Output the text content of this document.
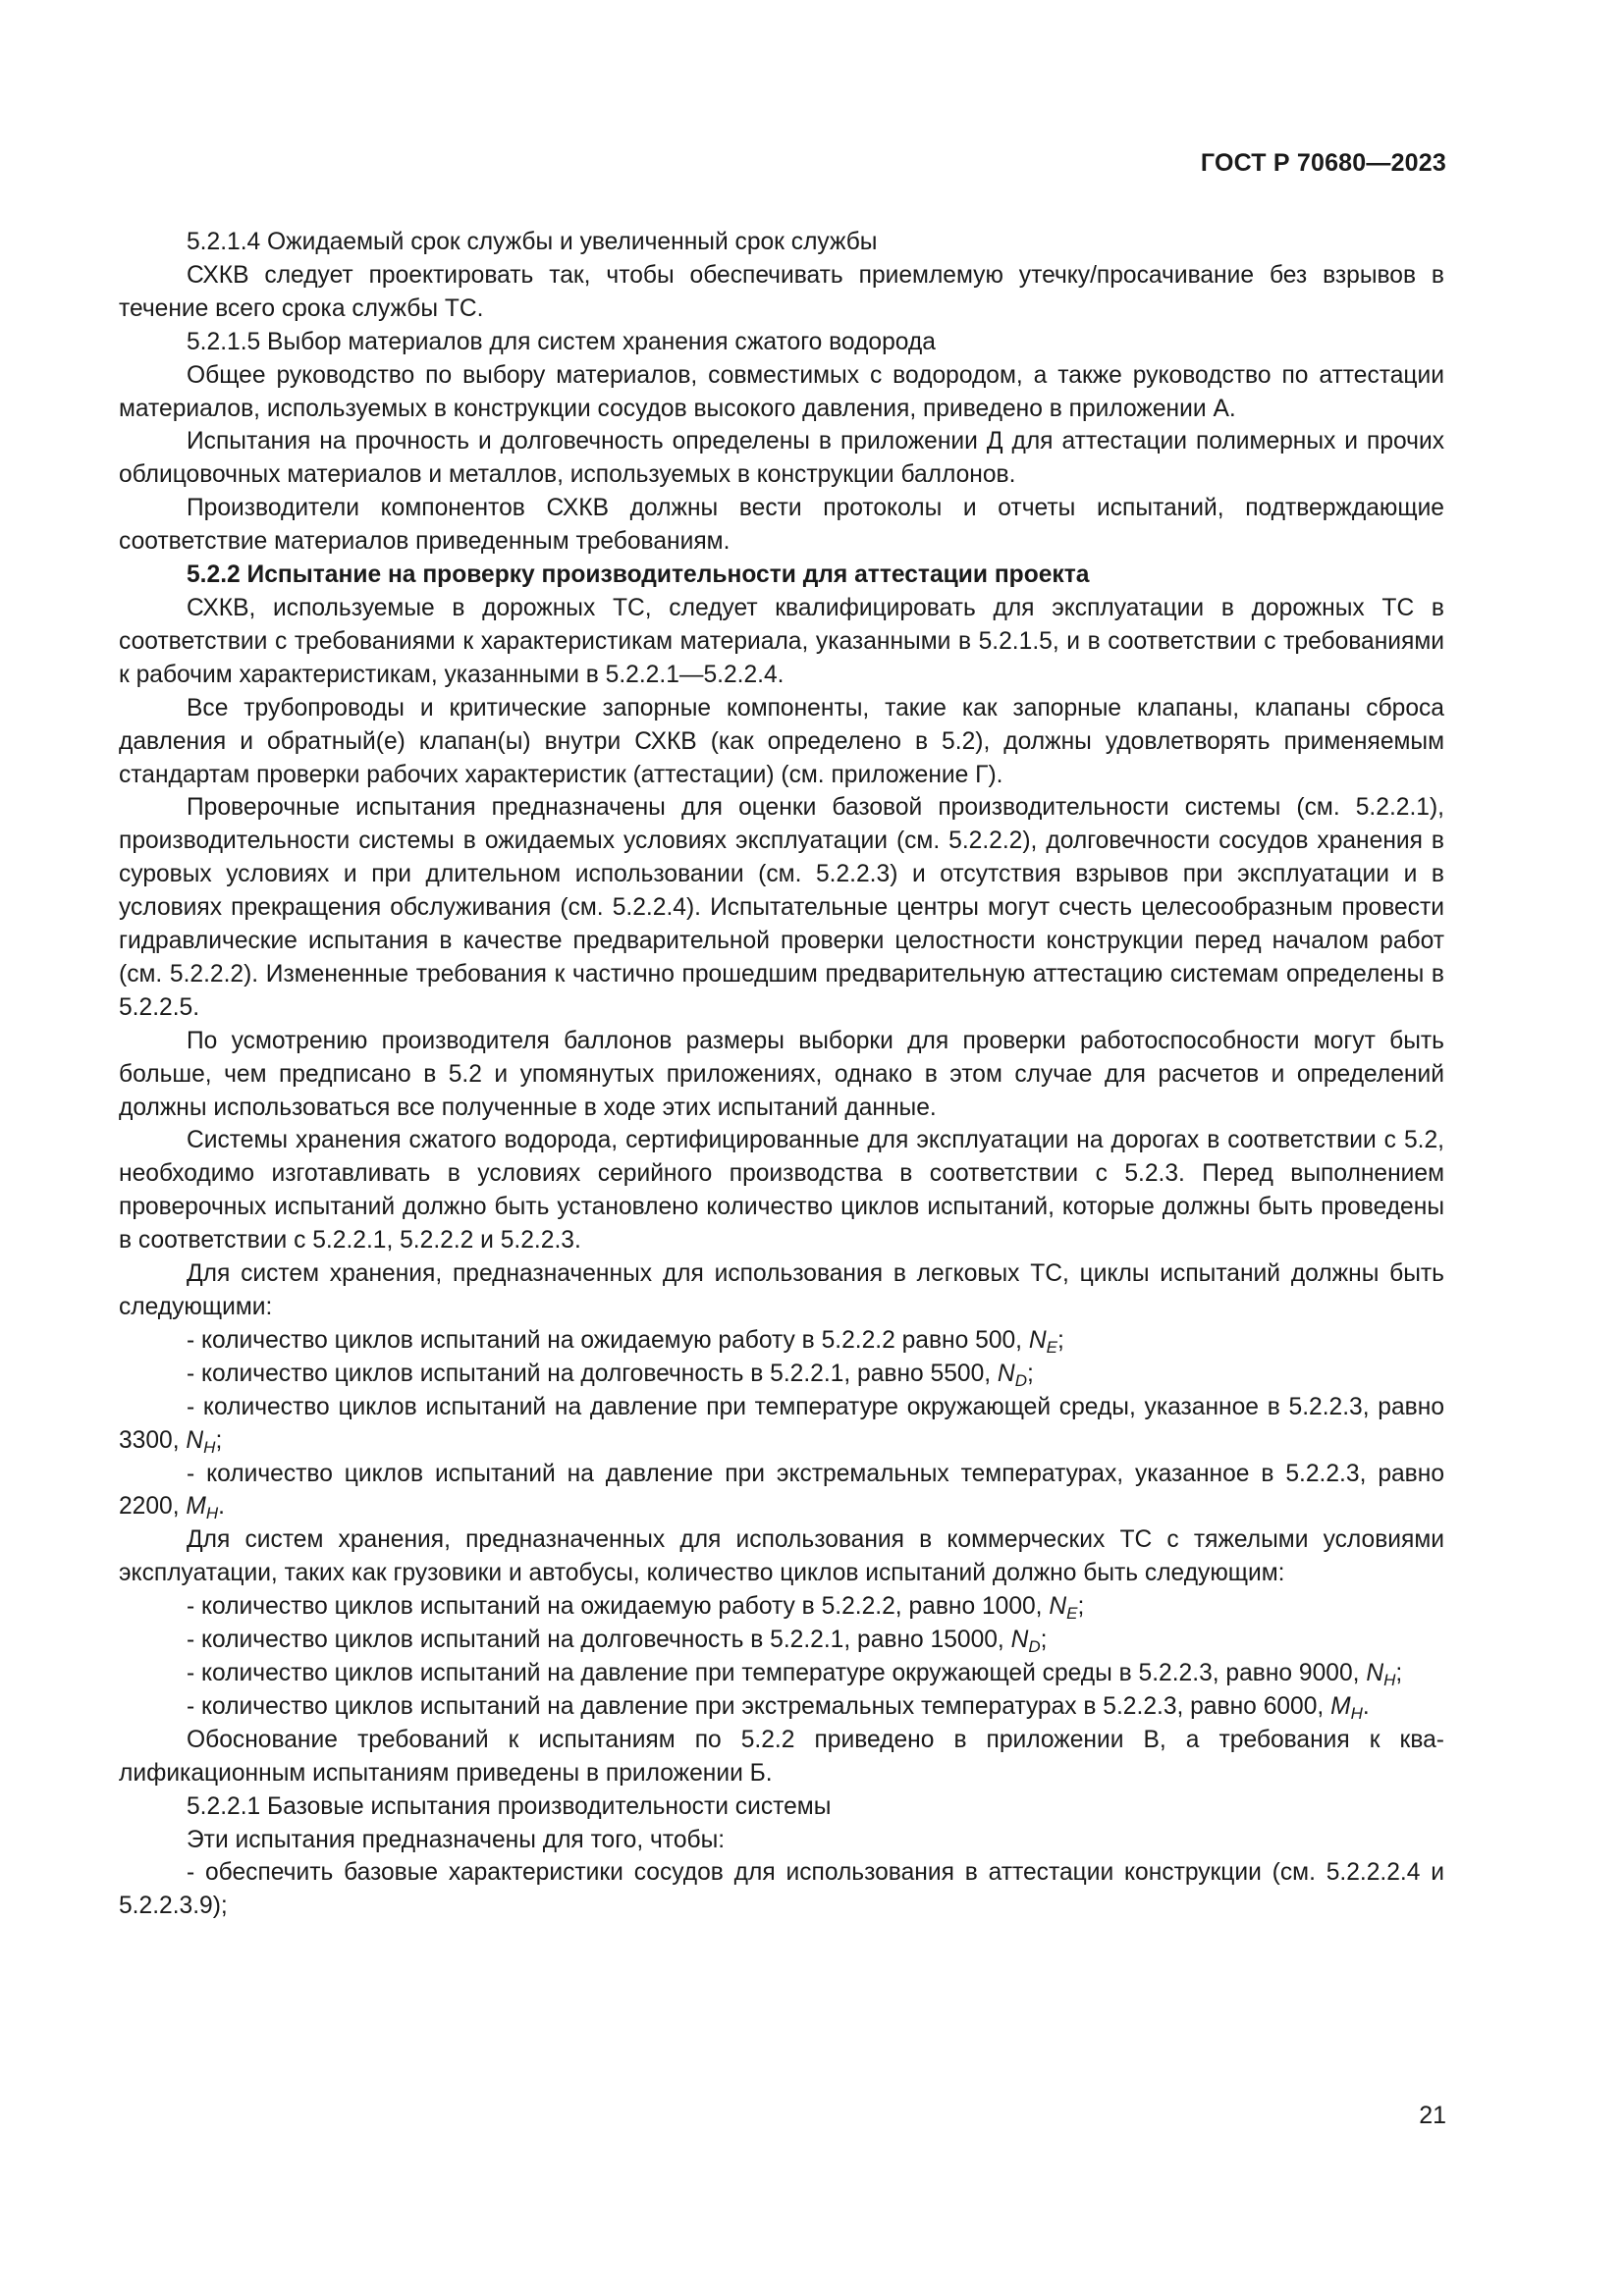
ГОСТ Р 70680—2023

5.2.1.4 Ожидаемый срок службы и увеличенный срок службы

СХКВ следует проектировать так, чтобы обеспечивать приемлемую утечку/просачивание без взрывов в течение всего срока службы ТС.

5.2.1.5 Выбор материалов для систем хранения сжатого водорода

Общее руководство по выбору материалов, совместимых с водородом, а также руководство по аттестации материалов, используемых в конструкции сосудов высокого давления, приведено в приложении А.

Испытания на прочность и долговечность определены в приложении Д для аттестации полимерных и прочих облицовочных материалов и металлов, используемых в конструкции баллонов.

Производители компонентов СХКВ должны вести протоколы и отчеты испытаний, подтверждающие соответствие материалов приведенным требованиям.

5.2.2 Испытание на проверку производительности для аттестации проекта

СХКВ, используемые в дорожных ТС, следует квалифицировать для эксплуатации в дорожных ТС в соответствии с требованиями к характеристикам материала, указанными в 5.2.1.5, и в соответствии с требованиями к рабочим характеристикам, указанными в 5.2.2.1—5.2.2.4.

Все трубопроводы и критические запорные компоненты, такие как запорные клапаны, клапаны сброса давления и обратный(е) клапан(ы) внутри СХКВ (как определено в 5.2), должны удовлетворять применяемым стандартам проверки рабочих характеристик (аттестации) (см. приложение Г).

Проверочные испытания предназначены для оценки базовой производительности системы (см. 5.2.2.1), производительности системы в ожидаемых условиях эксплуатации (см. 5.2.2.2), долговечности сосудов хранения в суровых условиях и при длительном использовании (см. 5.2.2.3) и отсутствия взрывов при эксплуатации и в условиях прекращения обслуживания (см. 5.2.2.4). Испытательные центры могут счесть целесообразным провести гидравлические испытания в качестве предварительной проверки целостности конструкции перед началом работ (см. 5.2.2.2). Измененные требования к частично прошедшим предварительную аттестацию системам определены в 5.2.2.5.

По усмотрению производителя баллонов размеры выборки для проверки работоспособности могут быть больше, чем предписано в 5.2 и упомянутых приложениях, однако в этом случае для расчетов и определений должны использоваться все полученные в ходе этих испытаний данные.

Системы хранения сжатого водорода, сертифицированные для эксплуатации на дорогах в соответствии с 5.2, необходимо изготавливать в условиях серийного производства в соответствии с 5.2.3. Перед выполнением проверочных испытаний должно быть установлено количество циклов испытаний, которые должны быть проведены в соответствии с 5.2.2.1, 5.2.2.2 и 5.2.2.3.

Для систем хранения, предназначенных для использования в легковых ТС, циклы испытаний должны быть следующими:

- количество циклов испытаний на ожидаемую работу в 5.2.2.2 равно 500, $N_E$;

- количество циклов испытаний на долговечность в 5.2.2.1, равно 5500, $N_D$;

- количество циклов испытаний на давление при температуре окружающей среды, указанное в 5.2.2.3, равно 3300, $N_H$;

- количество циклов испытаний на давление при экстремальных температурах, указанное в 5.2.2.3, равно 2200, $M_H$.

Для систем хранения, предназначенных для использования в коммерческих ТС с тяжелыми условиями эксплуатации, таких как грузовики и автобусы, количество циклов испытаний должно быть следующим:

- количество циклов испытаний на ожидаемую работу в 5.2.2.2, равно 1000, $N_E$;

- количество циклов испытаний на долговечность в 5.2.2.1, равно 15000, $N_D$;

- количество циклов испытаний на давление при температуре окружающей среды в 5.2.2.3, равно 9000, $N_H$;

- количество циклов испытаний на давление при экстремальных температурах в 5.2.2.3, равно 6000, $M_H$.

Обоснование требований к испытаниям по 5.2.2 приведено в приложении В, а требования к квалификационным испытаниям приведены в приложении Б.

5.2.2.1 Базовые испытания производительности системы

Эти испытания предназначены для того, чтобы:

- обеспечить базовые характеристики сосудов для использования в аттестации конструкции (см. 5.2.2.2.4 и 5.2.2.3.9);

21
